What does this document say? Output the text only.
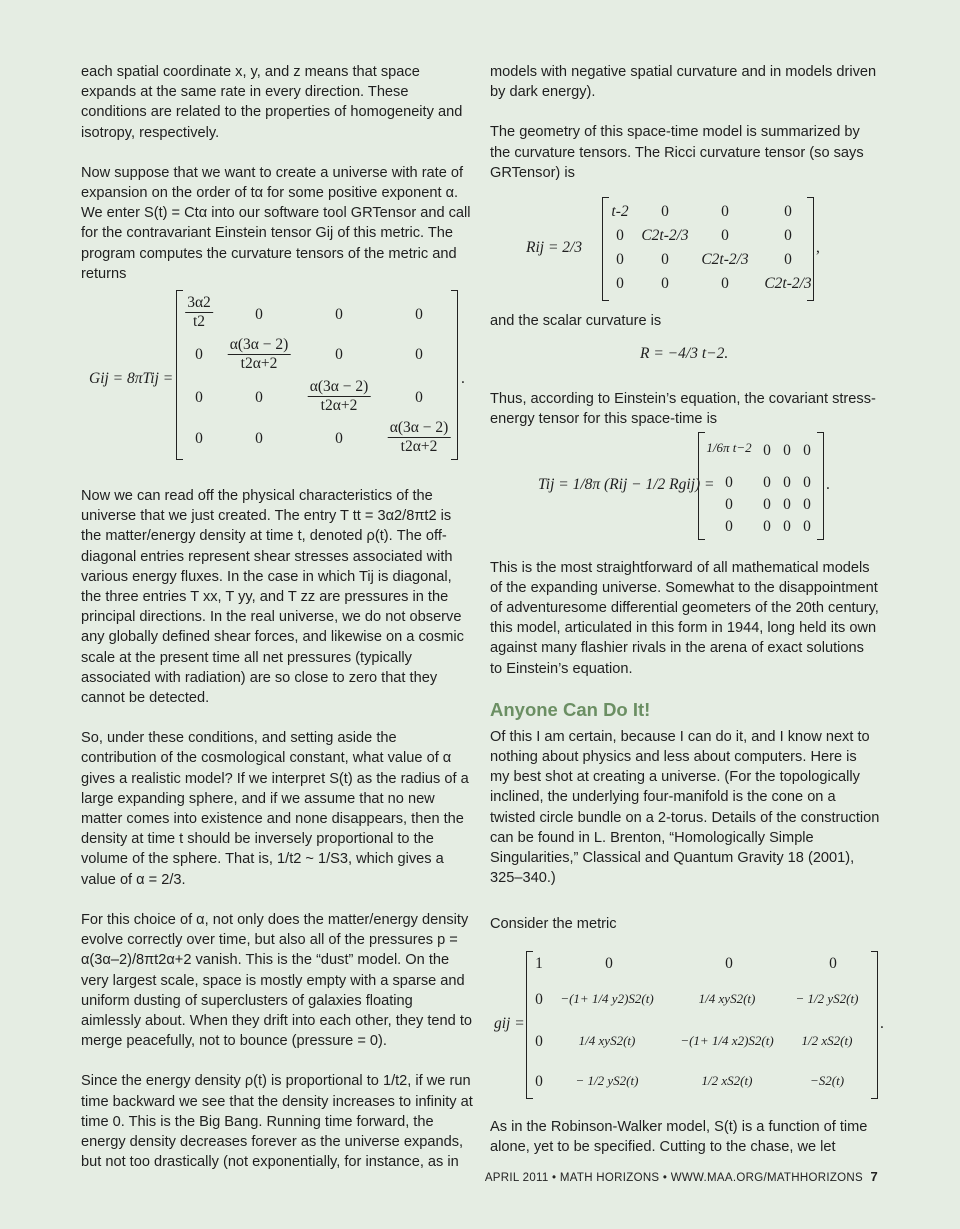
each spatial coordinate x, y, and z means that space expands at the same rate in every direction. These conditions are related to the properties of homogeneity and isotropy, respectively.

Now suppose that we want to create a universe with rate of expansion on the order of tα for some positive exponent α. We enter S(t) = Ctα into our software tool GRTensor and call for the contravariant Einstein tensor Gij of this metric. The program computes the curvature tensors of the metric and returns

Gij = 8πTij =
$\frac{3\alpha 2}{t2}$	0	0	0
$0 \frac{\alpha(3\alpha - 2)}{t2\alpha+2}$	0	0
0	0	$\frac{\alpha(3\alpha - 2)}{t2\alpha+2}$	0
0	0	0	$\frac{\alpha(3\alpha - 2)}{t2\alpha+2}$
.

Now we can read off the physical characteristics of the universe that we just created. The entry T tt = 3α2/8πt2 is the matter/energy density at time t, denoted ρ(t). The off-diagonal entries represent shear stresses associated with various energy fluxes. In the case in which Tij is diagonal, the three entries T xx, T yy, and T zz are pressures in the principal directions. In the real universe, we do not observe any globally defined shear forces, and likewise on a cosmic scale at the present time all net pressures (typically associated with radiation) are so close to zero that they cannot be detected.

So, under these conditions, and setting aside the contribution of the cosmological constant, what value of α gives a realistic model? If we interpret S(t) as the radius of a large expanding sphere, and if we assume that no new matter comes into existence and none disappears, then the density at time t should be inversely proportional to the volume of the sphere. That is, 1/t2 ~ 1/S3, which gives a value of α = 2/3.

For this choice of α, not only does the matter/energy density evolve correctly over time, but also all of the pressures p = α(3α–2)/8πt2α+2 vanish. This is the “dust” model. On the very largest scale, space is mostly empty with a sparse and uniform dusting of superclusters of galaxies floating aimlessly about. When they drift into each other, they tend to merge peacefully, not to bounce (pressure = 0).

Since the energy density ρ(t) is proportional to 1/t2, if we run time backward we see that the density increases to infinity at time 0. This is the Big Bang. Running time forward, the energy density decreases forever as the universe expands, but not too drastically (not exponentially, for instance, as in

models with negative spatial curvature and in models driven by dark energy).

The geometry of this space-time model is summarized by the curvature tensors. The Ricci curvature tensor (so says GRTensor) is

Rij = 2/3
t-2 0	0	0
0 C2t-2/3 0	0
0 0 C2t-2/3 0
0 0	0 C2t-2/3
,

and the scalar curvature is

R = −4/3 t−2.

Thus, according to Einstein’s equation, the covariant stress-energy tensor for this space-time is

Tij = 1/8π (Rij − 1/2 Rgij) =
1/6π t−2 0 0 0
0 0 0 0
0 0 0 0
0 0 0 0
.

This is the most straightforward of all mathematical models of the expanding universe. Somewhat to the disappointment of adventuresome differential geometers of the 20th century, this model, articulated in this form in 1944, long held its own against many flashier rivals in the arena of exact solutions to Einstein’s equation.

Anyone Can Do It!

Of this I am certain, because I can do it, and I know next to nothing about physics and less about computers. Here is my best shot at creating a universe. (For the topologically inclined, the underlying four-manifold is the cone on a twisted circle bundle on a 2-torus. Details of the construction can be found in L. Brenton, “Homologically Simple Singularities,” Classical and Quantum Gravity 18 (2001), 325–340.)

Consider the metric

gij =
1	0	0	0
0 −(1+ 1/4 y2)S2(t)	1/4 xyS2(t)	− 1/2 yS2(t)
0	1/4 xyS2(t)	−(1+ 1/4 x2)S2(t) 1/2 xS2(t)
0	− 1/2 yS2(t)	1/2 xS2(t)	−S2(t)
.

As in the Robinson-Walker model, S(t) is a function of time alone, yet to be specified. Cutting to the chase, we let

APRIL 2011 • MATH HORIZONS • WWW.MAA.ORG/MATHHORIZONS 7
